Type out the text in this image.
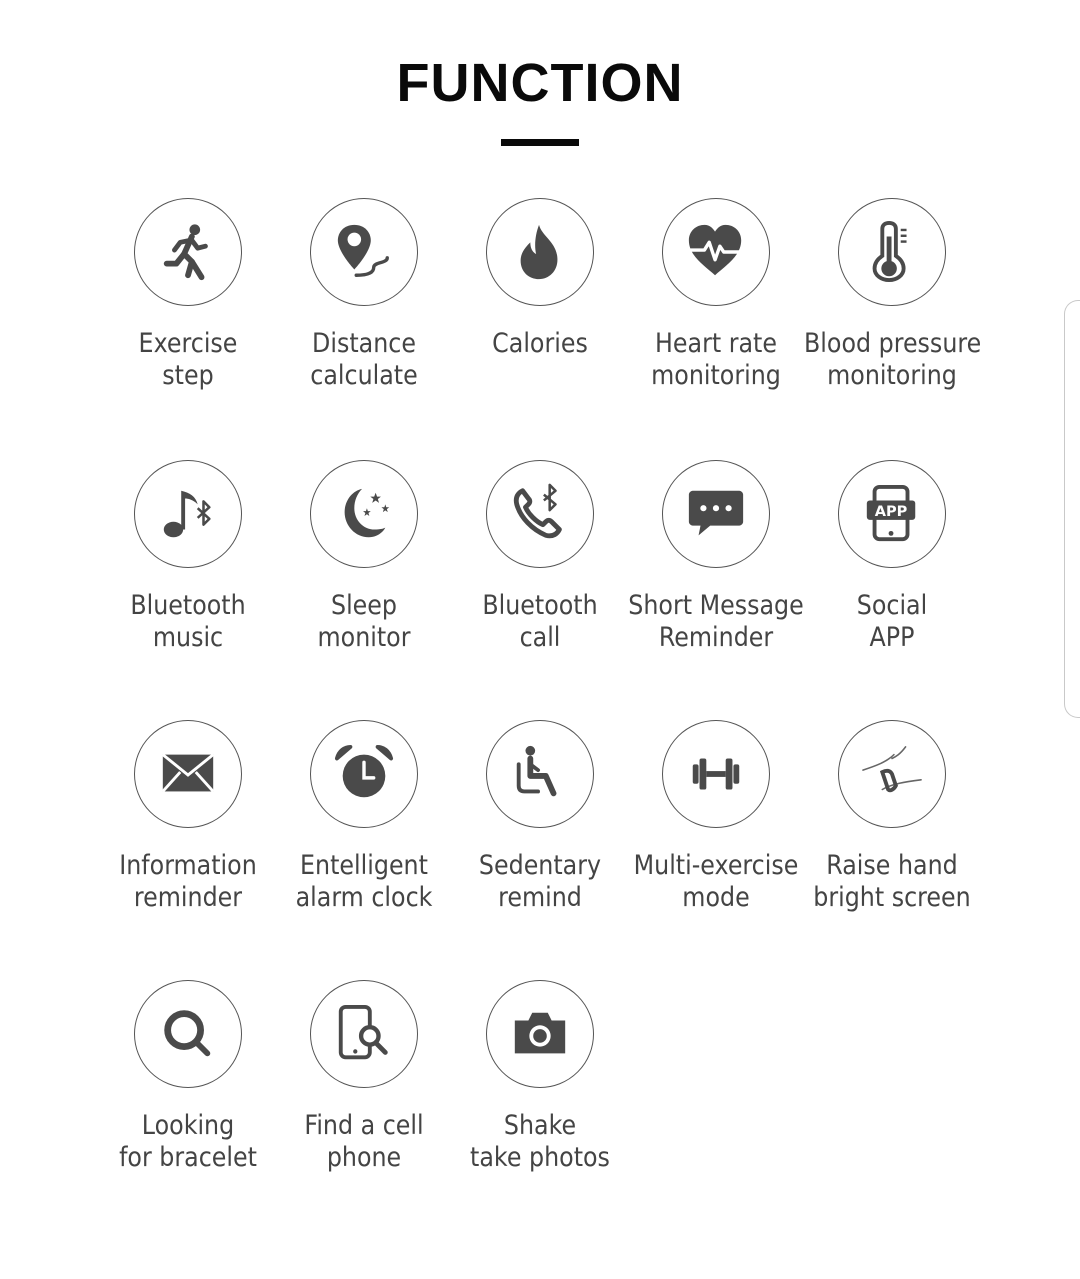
FUNCTION
Exercise
step
Distance
calculate
Calories	Heart rate
monitoring
Blood pressure
monitoring
Bluetooth
music
Sleep
monitor
Bluetooth
call
Short Message
Reminder
APP
Social
APP
Information
reminder
Entelligent
alarm clock
Sedentary
remind
Multi-exercise
mode
Raise hand
bright screen
Looking
for bracelet
Find a cell
phone
Shake
take photos
